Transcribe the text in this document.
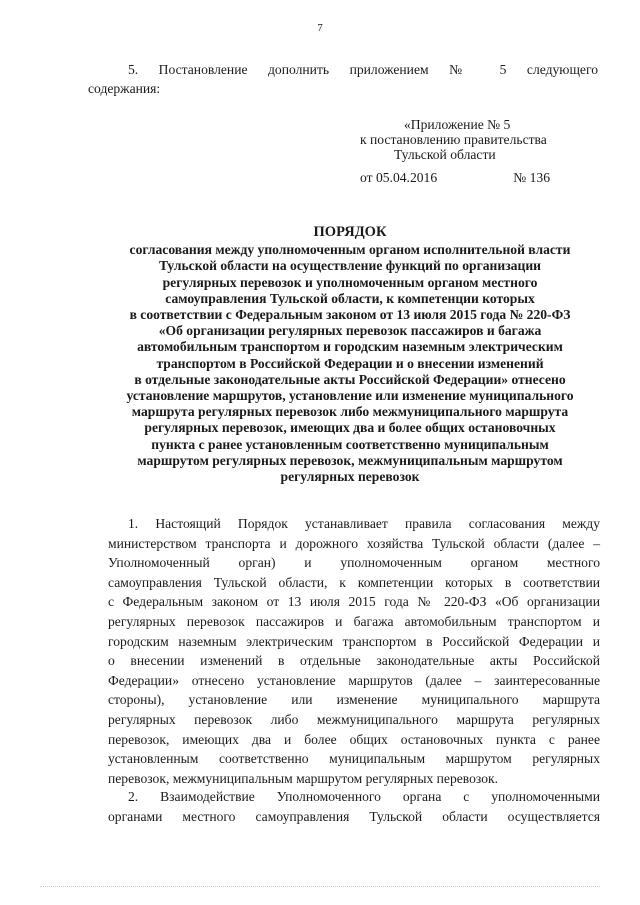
7
5. Постановление дополнить приложением № 5 следующего
содержания:
«Приложение № 5
к постановлению правительства
Тульской области
от 05.04.2016	№ 136
ПОРЯДОК
согласования между уполномоченным органом исполнительной власти
Тульской области на осуществление функций по организации
регулярных перевозок и уполномоченным органом местного
самоуправления Тульской области, к компетенции которых
в соответствии с Федеральным законом от 13 июля 2015 года № 220-ФЗ
«Об организации регулярных перевозок пассажиров и багажа
автомобильным транспортом и городским наземным электрическим
транспортом в Российской Федерации и о внесении изменений
в отдельные законодательные акты Российской Федерации» отнесено
установление маршрутов, установление или изменение муниципального
маршрута регулярных перевозок либо межмуниципального маршрута
регулярных перевозок, имеющих два и более общих остановочных
пункта с ранее установленным соответственно муниципальным
маршрутом регулярных перевозок, межмуниципальным маршрутом
регулярных перевозок
1. Настоящий Порядок устанавливает правила согласования между
министерством транспорта и дорожного хозяйства Тульской области (далее –
Уполномоченный орган) и уполномоченным органом местного
самоуправления Тульской области, к компетенции которых в соответствии
с Федеральным законом от 13 июля 2015 года № 220-ФЗ «Об организации
регулярных перевозок пассажиров и багажа автомобильным транспортом и
городским наземным электрическим транспортом в Российской Федерации и
о внесении изменений в отдельные законодательные акты Российской
Федерации» отнесено установление маршрутов (далее – заинтересованные
стороны), установление или изменение муниципального маршрута
регулярных перевозок либо межмуниципального маршрута регулярных
перевозок, имеющих два и более общих остановочных пункта с ранее
установленным соответственно муниципальным маршрутом регулярных
перевозок, межмуниципальным маршрутом регулярных перевозок.
2. Взаимодействие Уполномоченного органа с уполномоченными
органами местного самоуправления Тульской области осуществляется
